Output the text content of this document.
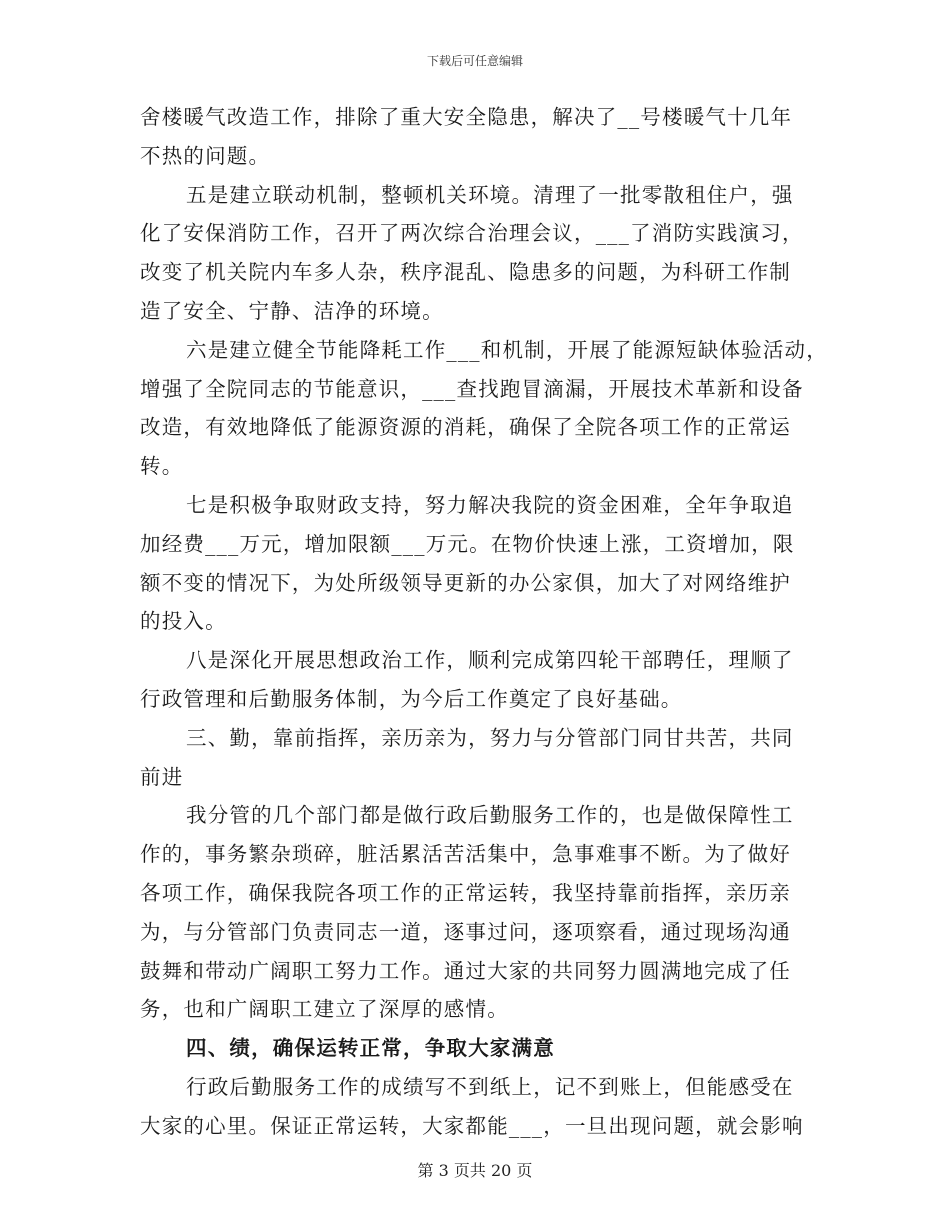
下载后可任意编辑
舍楼暖气改造工作，排除了重大安全隐患，解决了__号楼暖气十几年
不热的问题。
五是建立联动机制，整顿机关环境。清理了一批零散租住户，强
化了安保消防工作，召开了两次综合治理会议，___了消防实践演习，
改变了机关院内车多人杂，秩序混乱、隐患多的问题，为科研工作制
造了安全、宁静、洁净的环境。
六是建立健全节能降耗工作___和机制，开展了能源短缺体验活动，
增强了全院同志的节能意识，___查找跑冒滴漏，开展技术革新和设备
改造，有效地降低了能源资源的消耗，确保了全院各项工作的正常运
转。
七是积极争取财政支持，努力解决我院的资金困难，全年争取追
加经费___万元，增加限额___万元。在物价快速上涨，工资增加，限
额不变的情况下，为处所级领导更新的办公家俱，加大了对网络维护
的投入。
八是深化开展思想政治工作，顺利完成第四轮干部聘任，理顺了
行政管理和后勤服务体制，为今后工作奠定了良好基础。
三、勤，靠前指挥，亲历亲为，努力与分管部门同甘共苦，共同
前进
我分管的几个部门都是做行政后勤服务工作的，也是做保障性工
作的，事务繁杂琐碎，脏活累活苦活集中，急事难事不断。为了做好
各项工作，确保我院各项工作的正常运转，我坚持靠前指挥，亲历亲
为，与分管部门负责同志一道，逐事过问，逐项察看，通过现场沟通
鼓舞和带动广阔职工努力工作。通过大家的共同努力圆满地完成了任
务，也和广阔职工建立了深厚的感情。
四、绩，确保运转正常，争取大家满意
行政后勤服务工作的成绩写不到纸上，记不到账上，但能感受在
大家的心里。保证正常运转，大家都能___，一旦出现问题，就会影响
第 3 页共 20 页
